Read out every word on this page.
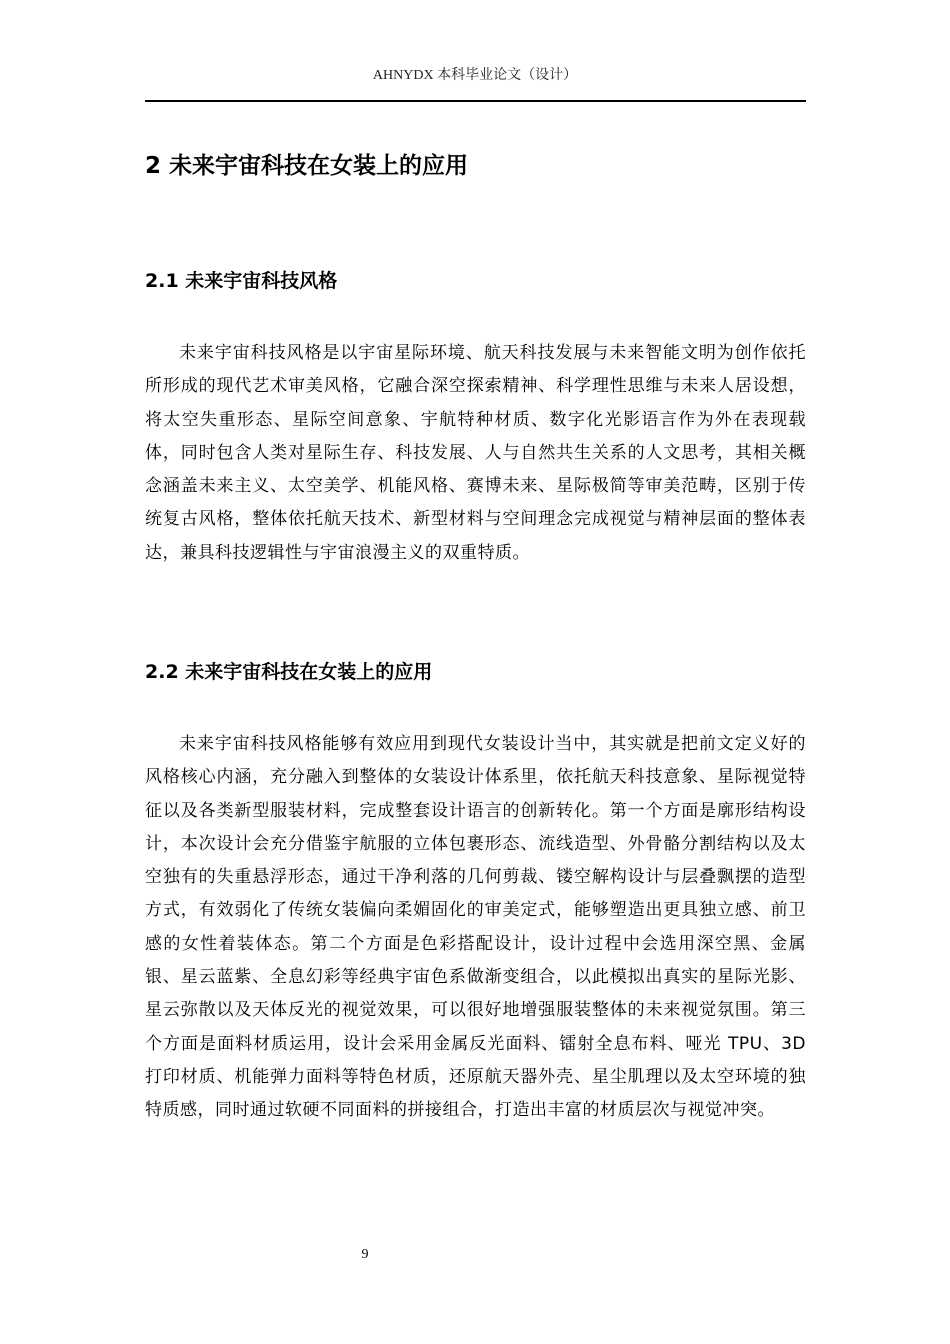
AHNYDX 本科毕业论文（设计）
2 未来宇宙科技在女装上的应用
2.1 未来宇宙科技风格

未来宇宙科技风格是以宇宙星际环境、航天科技发展与未来智能文明为创作依托所形成的现代艺术审美风格，它融合深空探索精神、科学理性思维与未来人居设想，将太空失重形态、星际空间意象、宇航特种材质、数字化光影语言作为外在表现载体，同时包含人类对星际生存、科技发展、人与自然共生关系的人文思考，其相关概念涵盖未来主义、太空美学、机能风格、赛博未来、星际极简等审美范畴，区别于传统复古风格，整体依托航天技术、新型材料与空间理念完成视觉与精神层面的整体表达，兼具科技逻辑性与宇宙浪漫主义的双重特质。

2.2 未来宇宙科技在女装上的应用

未来宇宙科技风格能够有效应用到现代女装设计当中，其实就是把前文定义好的风格核心内涵，充分融入到整体的女装设计体系里，依托航天科技意象、星际视觉特征以及各类新型服装材料，完成整套设计语言的创新转化。第一个方面是廓形结构设计，本次设计会充分借鉴宇航服的立体包裹形态、流线造型、外骨骼分割结构以及太空独有的失重悬浮形态，通过干净利落的几何剪裁、镂空解构设计与层叠飘摆的造型方式，有效弱化了传统女装偏向柔媚固化的审美定式，能够塑造出更具独立感、前卫感的女性着装体态。第二个方面是色彩搭配设计，设计过程中会选用深空黑、金属银、星云蓝紫、全息幻彩等经典宇宙色系做渐变组合，以此模拟出真实的星际光影、星云弥散以及天体反光的视觉效果，可以很好地增强服装整体的未来视觉氛围。第三个方面是面料材质运用，设计会采用金属反光面料、镭射全息布料、哑光 TPU、3D 打印材质、机能弹力面料等特色材质，还原航天器外壳、星尘肌理以及太空环境的独特质感，同时通过软硬不同面料的拼接组合，打造出丰富的材质层次与视觉冲突。

9
